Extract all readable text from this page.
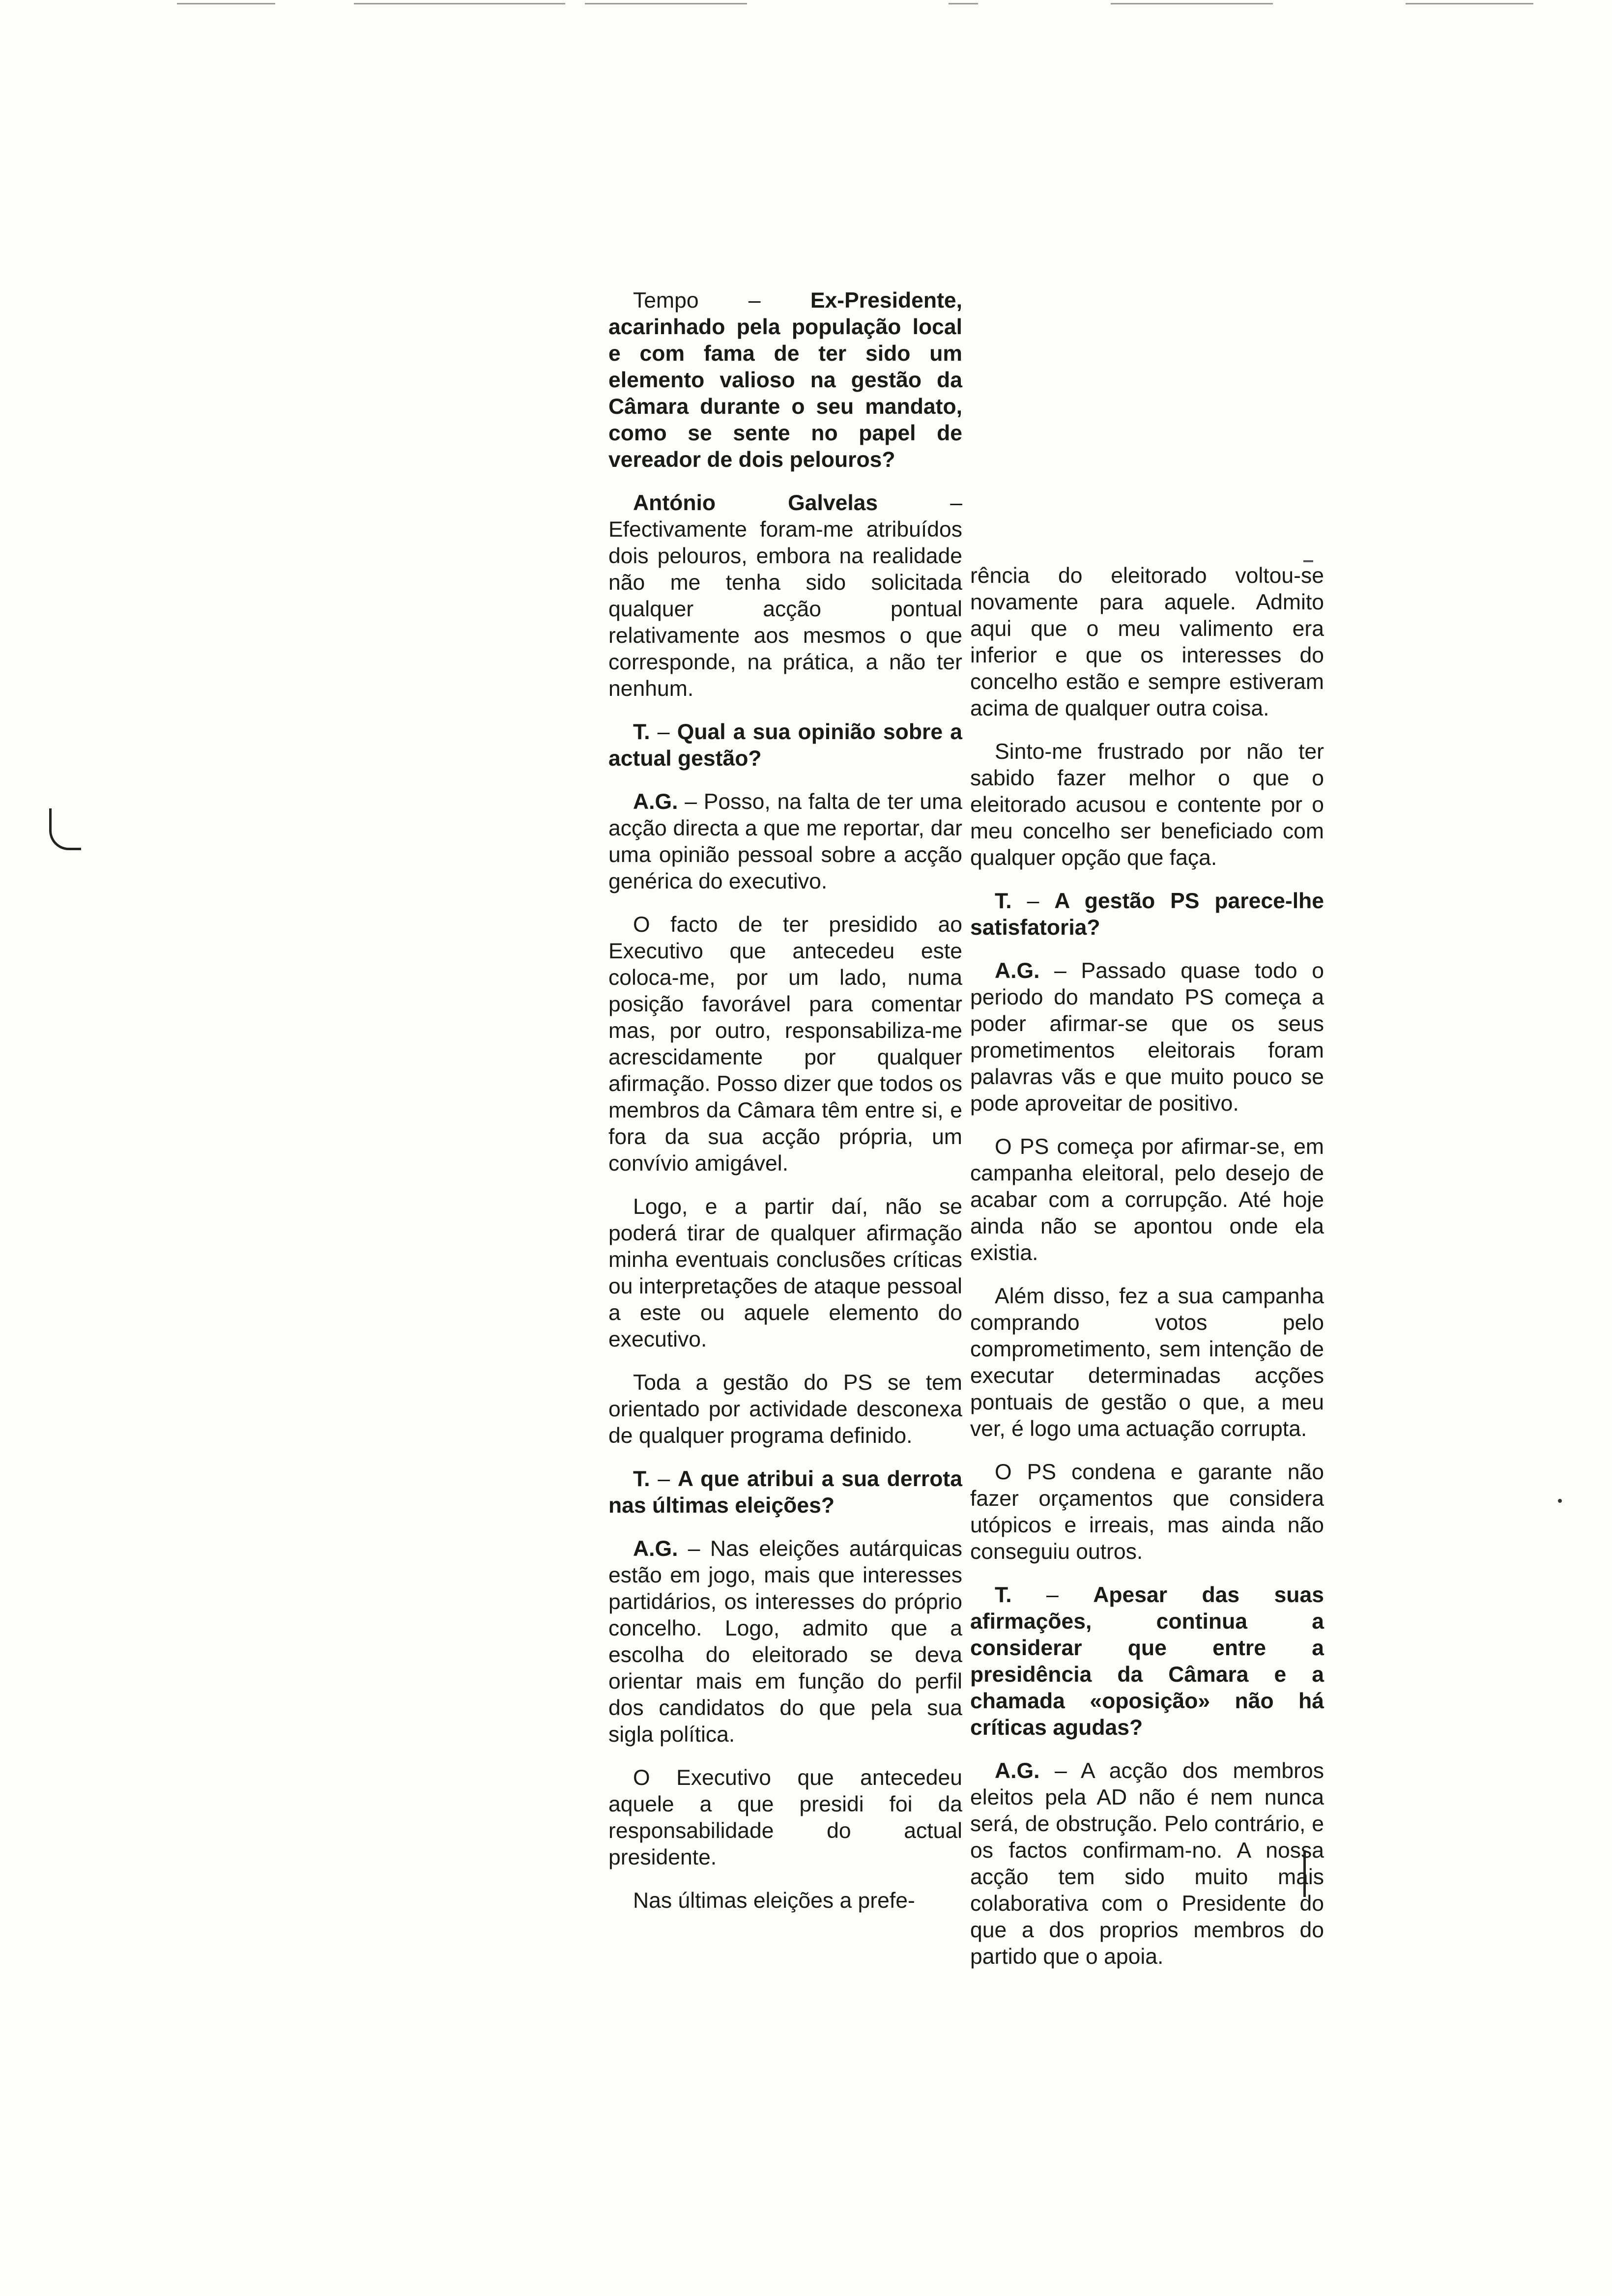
Tempo – Ex-Presidente, acarinhado pela população local e com fama de ter sido um elemento valioso na gestão da Câmara durante o seu mandato, como se sente no papel de vereador de dois pelouros?

António Galvelas – Efectivamente foram-me atribuídos dois pelouros, embora na realidade não me tenha sido solicitada qualquer acção pontual relativamente aos mesmos o que corresponde, na prática, a não ter nenhum.

T. – Qual a sua opinião sobre a actual gestão?

A.G. – Posso, na falta de ter uma acção directa a que me reportar, dar uma opinião pessoal sobre a acção genérica do executivo.

O facto de ter presidido ao Executivo que antecedeu este coloca-me, por um lado, numa posição favorável para comentar mas, por outro, responsabiliza-me acrescidamente por qualquer afirmação. Posso dizer que todos os membros da Câmara têm entre si, e fora da sua acção própria, um convívio amigável.

Logo, e a partir daí, não se poderá tirar de qualquer afirmação minha eventuais conclusões críticas ou interpretações de ataque pessoal a este ou aquele elemento do executivo.

Toda a gestão do PS se tem orientado por actividade desconexa de qualquer programa definido.

T. – A que atribui a sua derrota nas últimas eleições?

A.G. – Nas eleições autárquicas estão em jogo, mais que interesses partidários, os interesses do próprio concelho. Logo, admito que a escolha do eleitorado se deva orientar mais em função do perfil dos candidatos do que pela sua sigla política.

O Executivo que antecedeu aquele a que presidi foi da responsabilidade do actual presidente.

Nas últimas eleições a prefe-

rência do eleitorado voltou-se novamente para aquele. Admito aqui que o meu valimento era inferior e que os interesses do concelho estão e sempre estiveram acima de qualquer outra coisa.

Sinto-me frustrado por não ter sabido fazer melhor o que o eleitorado acusou e contente por o meu concelho ser beneficiado com qualquer opção que faça.

T. – A gestão PS parece-lhe satisfatoria?

A.G. – Passado quase todo o periodo do mandato PS começa a poder afirmar-se que os seus prometimentos eleitorais foram palavras vãs e que muito pouco se pode aproveitar de positivo.

O PS começa por afirmar-se, em campanha eleitoral, pelo desejo de acabar com a corrupção. Até hoje ainda não se apontou onde ela existia.

Além disso, fez a sua campanha comprando votos pelo comprometimento, sem intenção de executar determinadas acções pontuais de gestão o que, a meu ver, é logo uma actuação corrupta.

O PS condena e garante não fazer orçamentos que considera utópicos e irreais, mas ainda não conseguiu outros.

T. – Apesar das suas afirmações, continua a considerar que entre a presidência da Câmara e a chamada «oposição» não há críticas agudas?

A.G. – A acção dos membros eleitos pela AD não é nem nunca será, de obstrução. Pelo contrário, e os factos confirmam-no. A nossa acção tem sido muito mais colaborativa com o Presidente do que a dos proprios membros do partido que o apoia.
